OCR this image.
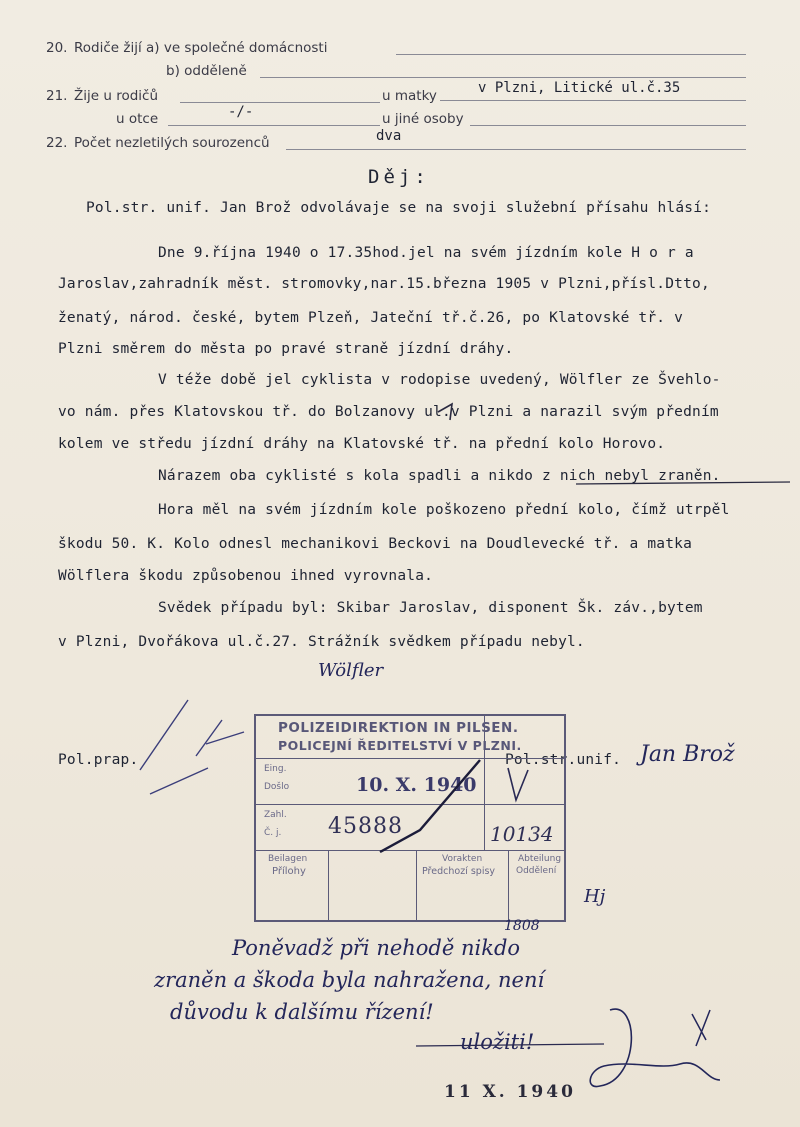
20. Rodiče žijí a) ve společné domácnosti
b) odděleně
21. Žije u rodičů	u matky	v Plzni, Litické ul.č.35
u otce	-/-	u jiné osoby
22. Počet nezletilých sourozenců	dva
Děj:
Pol.str. unif. Jan Brož odvolávaje se na svoji služební přísahu hlásí:
Dne 9.října 1940 o 17.35hod.jel na svém jízdním kole H o r a
Jaroslav,zahradník měst. stromovky,nar.15.března 1905 v Plzni,přísl.Dtto,
ženatý, národ. české, bytem Plzeň, Jateční tř.č.26, po Klatovské tř. v
Plzni směrem do města po pravé straně jízdní dráhy.
V téže době jel cyklista v rodopise uvedený, Wölfler ze Švehlo-
vo nám. přes Klatovskou tř. do Bolzanovy ul.v Plzni a narazil svým předním
kolem ve středu jízdní dráhy na Klatovské tř. na přední kolo Horovo.
Nárazem oba cyklisté s kola spadli a nikdo z nich nebyl zraněn.
Hora měl na svém jízdním kole poškozeno přední kolo, čímž utrpěl
škodu 50. K. Kolo odnesl mechanikovi Beckovi na Doudlevecké tř. a matka
Wölflera škodu způsobenou ihned vyrovnala.
Svědek případu byl: Skibar Jaroslav, disponent Šk. záv.,bytem
v Plzni, Dvořákova ul.č.27. Strážník svědkem případu nebyl.
Wölfler
Pol.prap.	Pol.str.unif. Jan Brož
Hj
POLIZEIDIREKTION IN PILSEN.
POLICEJNÍ ŘEDITELSTVÍ V PLZNI.
Eing.
Došlo	10. X. 1940
Zahl.
Č. j. 45888	10134
Beilagen
Přílohy
Vorakten
Předchozí spisy
Abteilung
Oddělení
1808
Poněvadž při nehodě nikdo
zraněn a škoda byla nahražena, není
důvodu k dalšímu řízení!
uložiti!
11 X. 1940
